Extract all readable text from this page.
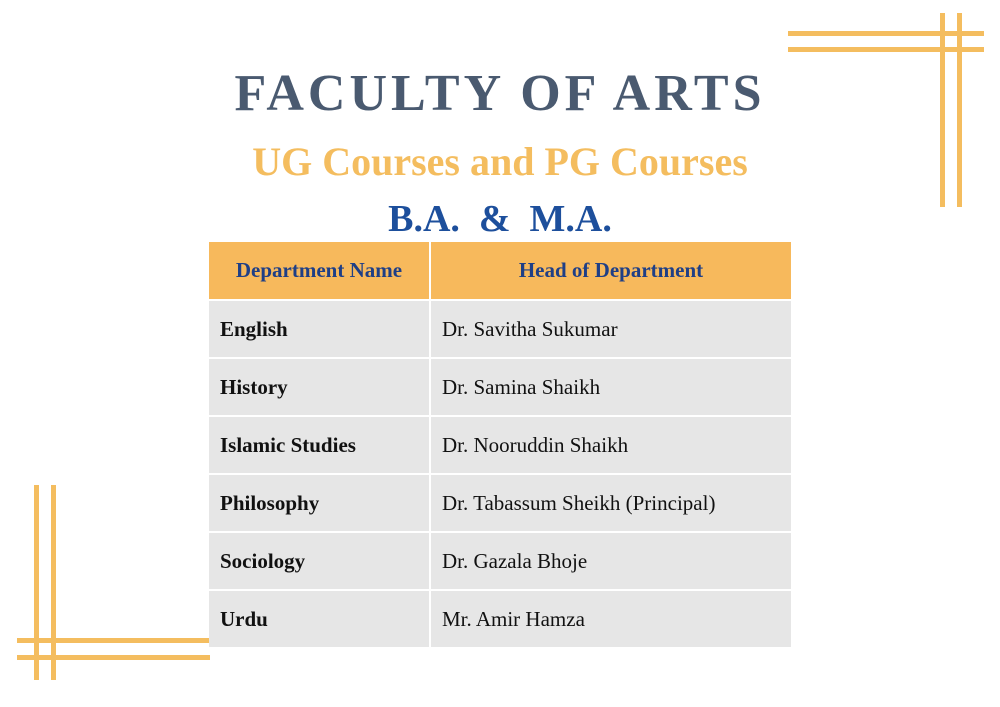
FACULTY OF ARTS
UG Courses and PG Courses
B.A.  &  M.A.
Department Name	Head of Department
English	Dr. Savitha Sukumar
History	Dr. Samina Shaikh
Islamic Studies	Dr. Nooruddin Shaikh
Philosophy	Dr. Tabassum Sheikh (Principal)
Sociology	Dr. Gazala Bhoje
Urdu	Mr. Amir Hamza
